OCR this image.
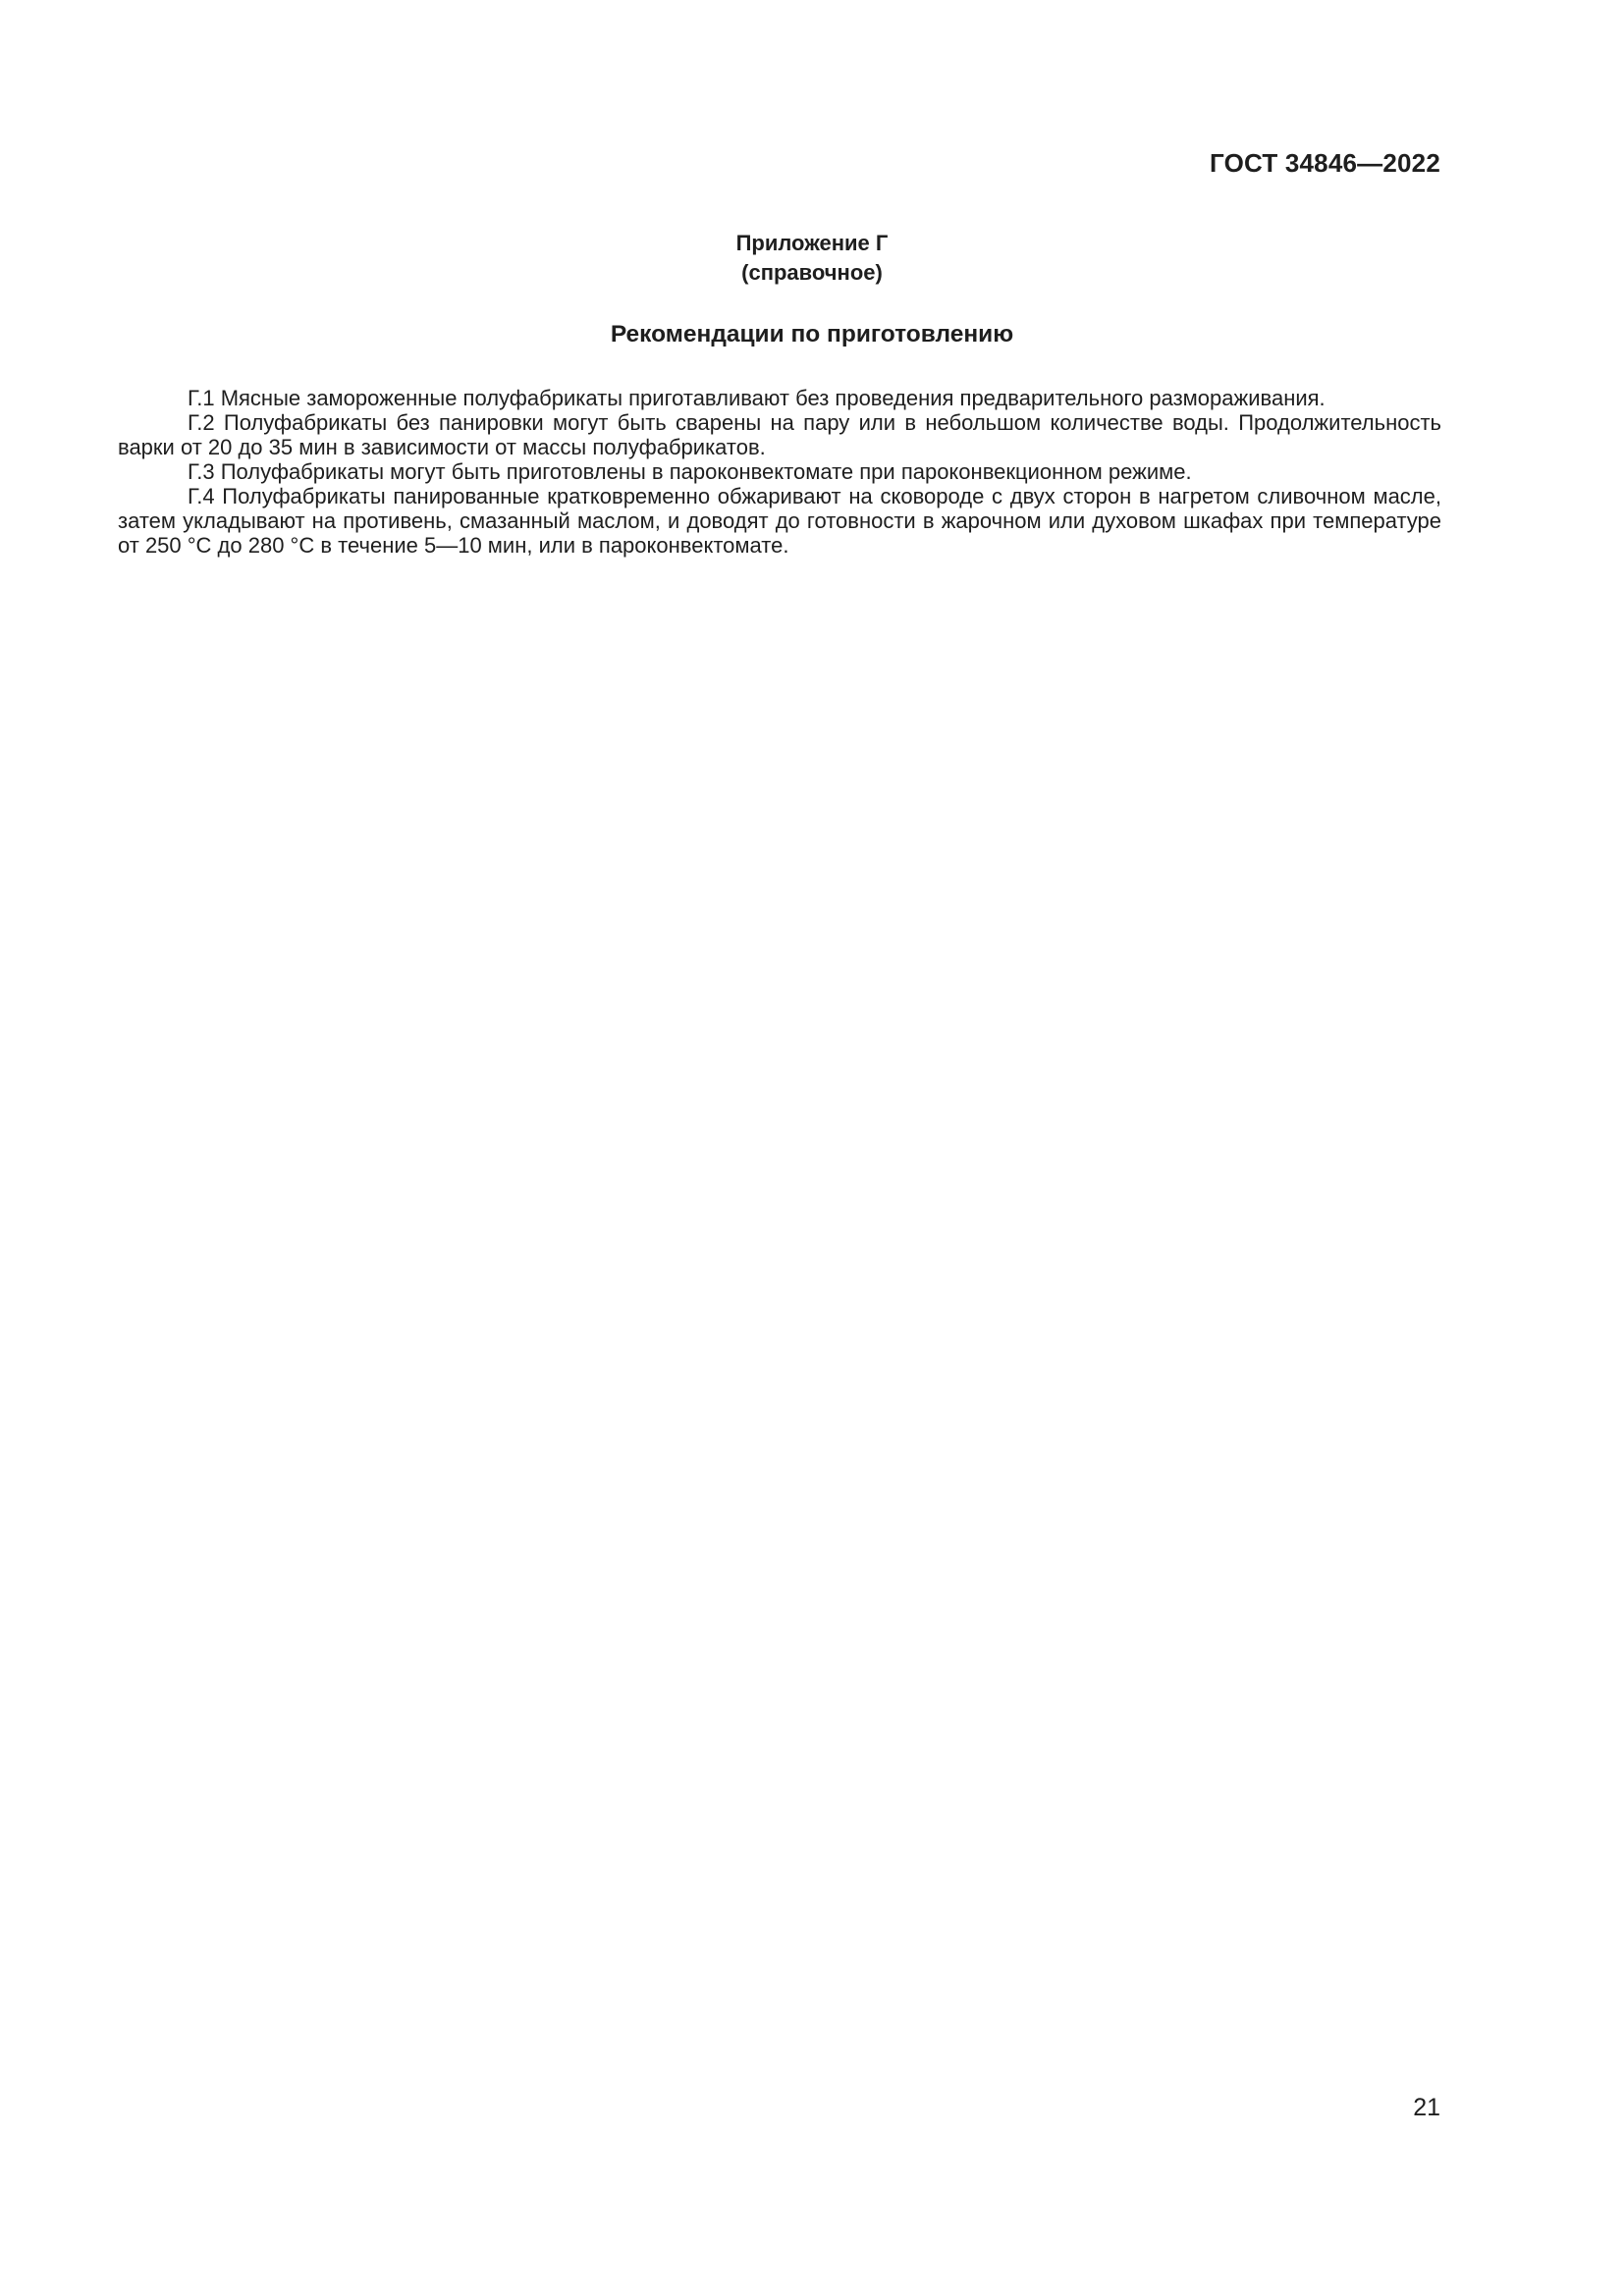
ГОСТ 34846—2022

Приложение Г

(справочное)

Рекомендации по приготовлению

Г.1 Мясные замороженные полуфабрикаты приготавливают без проведения предварительного размораживания.

Г.2 Полуфабрикаты без панировки могут быть сварены на пару или в небольшом количестве воды. Продолжительность варки от 20 до 35 мин в зависимости от массы полуфабрикатов.

Г.3 Полуфабрикаты могут быть приготовлены в пароконвектомате при пароконвекционном режиме.

Г.4 Полуфабрикаты панированные кратковременно обжаривают на сковороде с двух сторон в нагретом сливочном масле, затем укладывают на противень, смазанный маслом, и доводят до готовности в жарочном или духовом шкафах при температуре от 250 °С до 280 °С в течение 5—10 мин, или в пароконвектомате.

21
